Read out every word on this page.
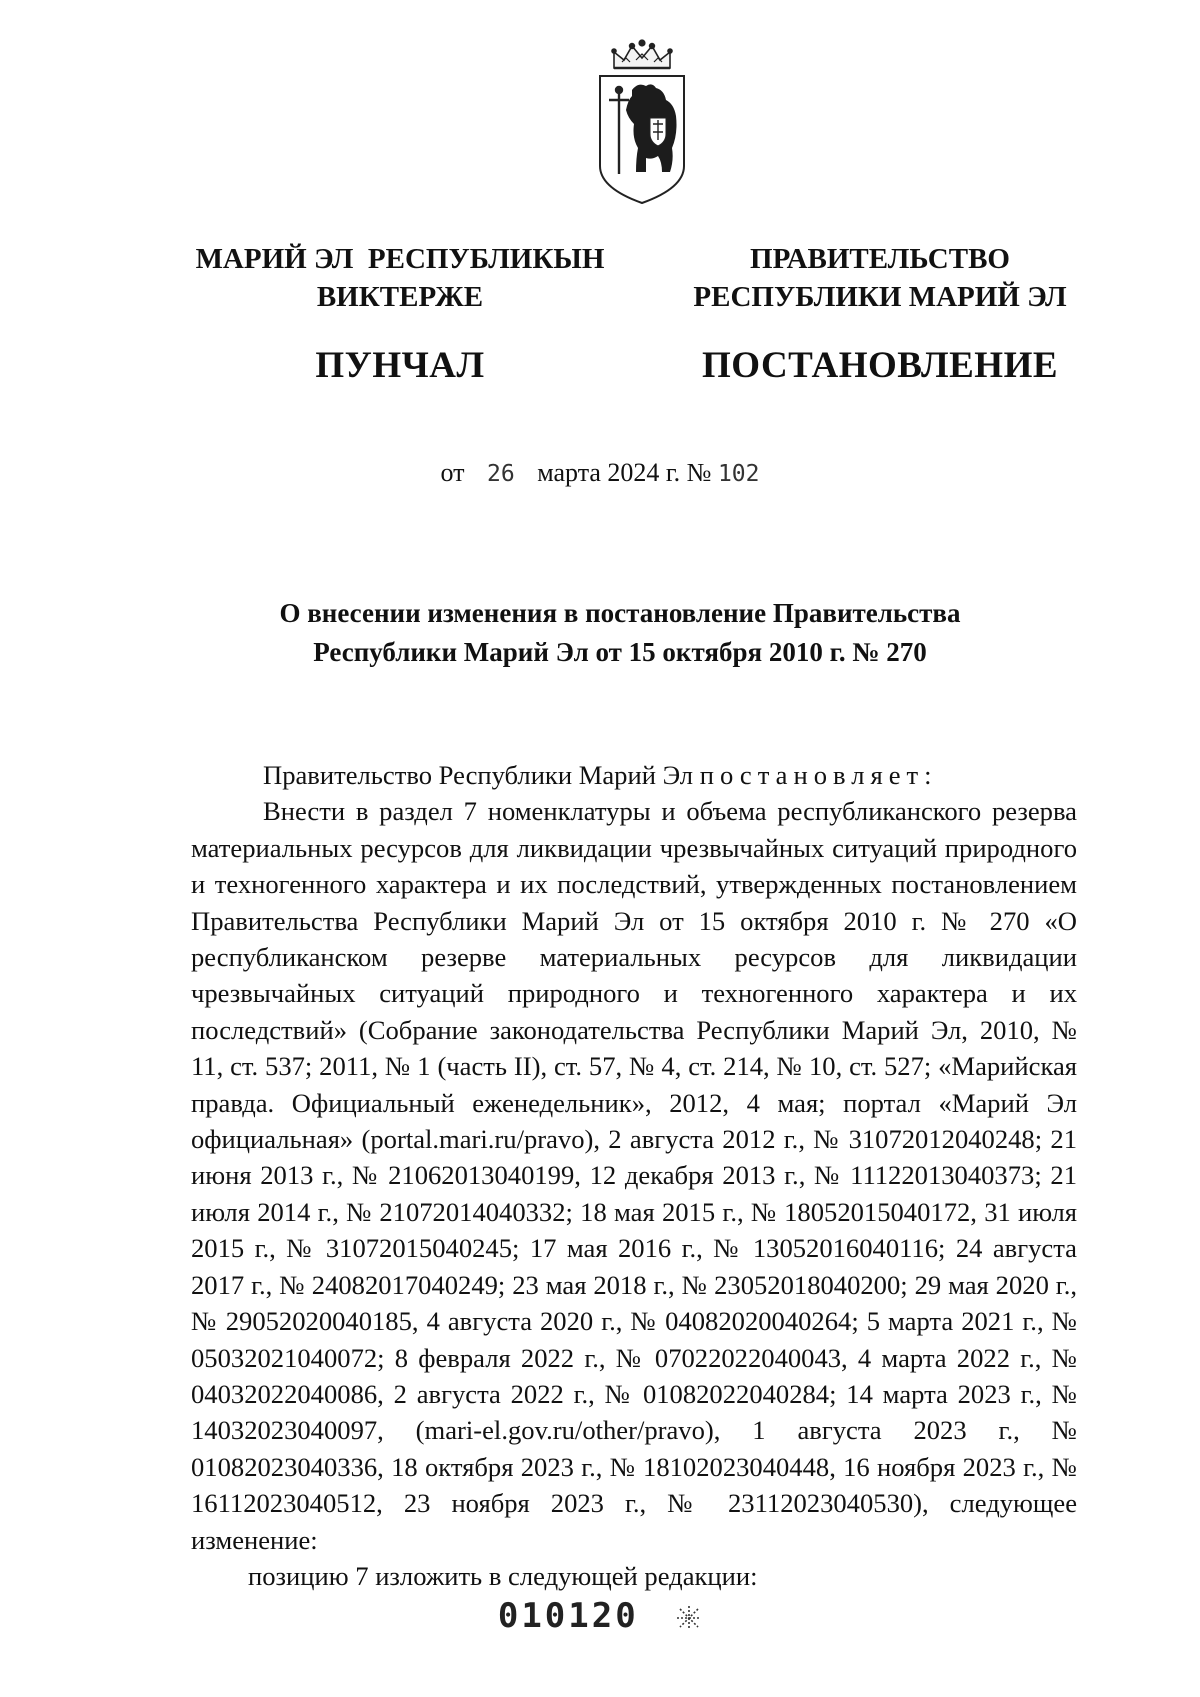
МАРИЙ ЭЛ  РЕСПУБЛИКЫН
ВИКТЕРЖЕ
ПУНЧАЛ
ПРАВИТЕЛЬСТВО
РЕСПУБЛИКИ МАРИЙ ЭЛ
ПОСТАНОВЛЕНИЕ
от 26 марта 2024 г. № 102
О внесении изменения в постановление Правительства
Республики Марий Эл от 15 октября 2010 г. № 270

Правительство Республики Марий Эл постановляет:

Внести в раздел 7 номенклатуры и объема республиканского резерва материальных ресурсов для ликвидации чрезвычайных ситуаций природного и техногенного характера и их последствий, утвержденных постановлением Правительства Республики Марий Эл от 15 октября 2010 г. № 270 «О республиканском резерве материальных ресурсов для ликвидации чрезвычайных ситуаций природного и техногенного характера и их последствий» (Собрание законодательства Республики Марий Эл, 2010, № 11, ст. 537; 2011, № 1 (часть II), ст. 57, № 4, ст. 214, № 10, ст. 527; «Марийская правда. Официальный еженедельник», 2012, 4 мая; портал «Марий Эл официальная» (portal.mari.ru/pravo), 2 августа 2012 г., № 31072012040248; 21 июня 2013 г., № 21062013040199, 12 декабря 2013 г., № 11122013040373; 21 июля 2014 г., № 21072014040332; 18 мая 2015 г., № 18052015040172, 31 июля 2015 г., № 31072015040245; 17 мая 2016 г., № 13052016040116; 24 августа 2017 г., № 24082017040249; 23 мая 2018 г., № 23052018040200; 29 мая 2020 г., № 29052020040185, 4 августа 2020 г., № 04082020040264; 5 марта 2021 г., № 05032021040072; 8 февраля 2022 г., № 07022022040043, 4 марта 2022 г., № 04032022040086, 2 августа 2022 г., № 01082022040284; 14 марта 2023 г., № 14032023040097, (mari-el.gov.ru/other/pravo), 1 августа 2023 г., № 01082023040336, 18 октября 2023 г., № 18102023040448, 16 ноября 2023 г., № 16112023040512, 23 ноября 2023 г., № 23112023040530), следующее изменение:

позицию 7 изложить в следующей редакции:

010120
